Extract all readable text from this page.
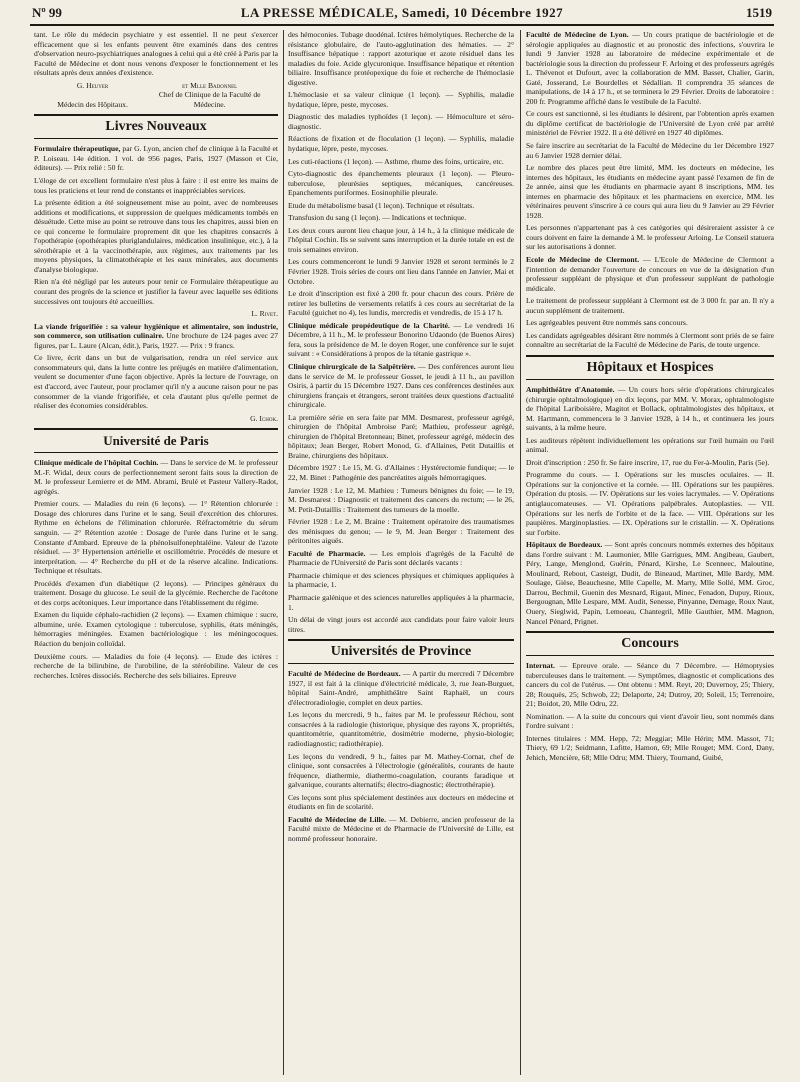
Nº 99	LA PRESSE MÉDICALE, Samedi, 10 Décembre 1927	1519

tant. Le rôle du médecin psychiatre y est essentiel. Il ne peut s'exercer efficacement que si les enfants peuvent être examinés dans des centres d'observation neuro-psychiatriques analogues à celui qui a été créé à Paris par la Faculté de Médecine et dont nous venons d'exposer le fonctionnement et les résultats après deux années d'existence.

G. Heuyer	et Mlle Badonnel
Médecin des Hôpitaux.Chef de Clinique de la Faculté de Médecine.
Livres Nouveaux

Formulaire thérapeutique, par G. Lyon, ancien chef de clinique à la Faculté et P. Loiseau. 14e édition. 1 vol. de 956 pages, Paris, 1927 (Masson et Cie, éditeurs). — Prix relié : 50 fr.

L'éloge de cet excellent formulaire n'est plus à faire : il est entre les mains de tous les praticiens et leur rend de constants et inappréciables services.

La présente édition a été soigneusement mise au point, avec de nombreuses additions et modifications, et suppression de quelques médicaments tombés en désuétude. Cette mise au point se retrouve dans tous les chapitres, aussi bien en ce qui concerne le formulaire proprement dit que les chapitres consacrés à l'opothérapie (opothérapies pluriglandulaires, médication insulinique, etc.), à la sérothérapie et à la vaccinothérapie, aux régimes, aux traitements par les moyens physiques, la climatothérapie et les eaux minérales, aux documents d'analyse biologique.

Rien n'a été négligé par les auteurs pour tenir ce Formulaire thérapeutique au courant des progrès de la science et justifier la faveur avec laquelle ses éditions successives ont toujours été accueillies.

L. Rivet.

La viande frigorifiée : sa valeur hygiénique et alimentaire, son industrie, son commerce, son utilisation culinaire. Une brochure de 124 pages avec 27 figures, par L. Laure (Alcan, édit.), Paris, 1927. — Prix : 9 francs.

Ce livre, écrit dans un but de vulgarisation, rendra un réel service aux consommateurs qui, dans la lutte contre les préjugés en matière d'alimentation, veulent se documenter d'une façon objective. Après la lecture de l'ouvrage, on est d'accord, avec l'auteur, pour proclamer qu'il n'y a aucune raison pour ne pas consommer de la viande frigorifiée, et cela d'autant plus qu'elle permet de réaliser des économies considérables.

G. Ichok.

Université de Paris

Clinique médicale de l'hôpital Cochin. — Dans le service de M. le professeur M.-F. Widal, deux cours de perfectionnement seront faits sous la direction de M. le professeur Lemierre et de MM. Abrami, Brulé et Pasteur Vallery-Radot, agrégés.

Premier cours. — Maladies du rein (6 leçons). — 1° Rétention chlorurée : Dosage des chlorures dans l'urine et le sang. Seuil d'excrétion des chlorures. Rythme en échelons de l'élimination chlorurée. Réfractométrie du sérum sanguin. — 2° Rétention azotée : Dosage de l'urée dans l'urine et le sang. Constante d'Ambard. Epreuve de la phénolsulfonephtaléine. Valeur de l'azote résiduel. — 3° Hypertension artérielle et oscillométrie. Procédés de mesure et interprétation. — 4° Recherche du pH et de la réserve alcaline. Indications. Technique et résultats.

Procédés d'examen d'un diabétique (2 leçons). — Principes généraux du traitement. Dosage du glucose. Le seuil de la glycémie. Recherche de l'acétone et des corps acétoniques. Leur importance dans l'établissement du régime.

Examen du liquide céphalo-rachidien (2 leçons). — Examen chimique : sucre, albumine, urée. Examen cytologique : tuberculose, syphilis, états méningés, hémorragies méningées. Examen bactériologique : les méningocoques. Réaction du benjoin colloïdal.

Deuxième cours. — Maladies du foie (4 leçons). — Etude des ictères : recherche de la bilirubine, de l'urobiline, de la stéréobiline. Valeur de ces recherches. Ictères dissociés. Recherche des sels biliaires. Epreuve

des hémoconies. Tubage duodénal. Ictères hémolytiques. Recherche de la résistance globulaire, de l'auto-agglutination des hématies. — 2° Insuffisance hépatique : rapport azoturique et azote résiduel dans les maladies du foie. Acide glycuronique. Insuffisance hépatique et rétention biliaire. Insuffisance protéopexique du foie et recherche de l'hémoclasie digestive.

L'hémoclasie et sa valeur clinique (1 leçon). — Syphilis, maladie hydatique, lèpre, peste, mycoses.

Diagnostic des maladies typhoïdes (1 leçon). — Hémoculture et séro-diagnostic.

Réactions de fixation et de floculation (1 leçon). — Syphilis, maladie hydatique, lèpre, peste, mycoses.

Les cuti-réactions (1 leçon). — Asthme, rhume des foins, urticaire, etc.

Cyto-diagnostic des épanchements pleuraux (1 leçon). — Pleuro-tuberculose, pleurésies septiques, mécaniques, cancéreuses. Epanchements puriformes. Eosinophilie pleurale.

Etude du métabolisme basal (1 leçon). Technique et résultats.

Transfusion du sang (1 leçon). — Indications et technique.

Les deux cours auront lieu chaque jour, à 14 h., à la clinique médicale de l'hôpital Cochin. Ils se suivent sans interruption et la durée totale en est de trois semaines environ.

Les cours commenceront le lundi 9 Janvier 1928 et seront terminés le 2 Février 1928. Trois séries de cours ont lieu dans l'année en Janvier, Mai et Octobre.

Le droit d'inscription est fixé à 200 fr. pour chacun des cours. Prière de retirer les bulletins de versements relatifs à ces cours au secrétariat de la Faculté (guichet no 4), les lundis, mercredis et vendredis, de 15 à 17 h.

Clinique médicale propédeutique de la Charité. — Le vendredi 16 Décembre, à 11 h., M. le professeur Bonorino Udaondo (de Buenos Aires) fera, sous la présidence de M. le doyen Roger, une conférence sur le sujet suivant : « Considérations à propos de la tétanie gastrique ».

Clinique chirurgicale de la Salpêtrière. — Des conférences auront lieu dans le service de M. le professeur Gosset, le jeudi à 11 h., au pavillon Osiris, à partir du 15 Décembre 1927. Dans ces conférences destinées aux chirurgiens français et étrangers, seront traitées deux questions d'actualité chirurgicale.

La première série en sera faite par MM. Desmarest, professeur agrégé, chirurgien de l'hôpital Ambroise Paré; Mathieu, professeur agrégé, chirurgien de l'hôpital Bretonneau; Binet, professeur agrégé, médecin des hôpitaux; Jean Berger, Robert Monod, G. d'Allaines, Petit Dutaillis et Braine, chirurgiens des hôpitaux.

Décembre 1927 : Le 15, M. G. d'Allaines : Hystérectomie fundique; — le 22, M. Binet : Pathogénie des pancréatites aiguës hémorragiques.

Janvier 1928 : Le 12, M. Mathieu : Tumeurs bénignes du foie; — le 19, M. Desmarest : Diagnostic et traitement des cancers du rectum; — le 26, M. Petit-Dutaillis : Traitement des tumeurs de la moelle.

Février 1928 : Le 2, M. Braine : Traitement opératoire des traumatismes des ménisques du genou; — le 9, M. Jean Berger : Traitement des péritonites aiguës.

Faculté de Pharmacie. — Les emplois d'agrégés de la Faculté de Pharmacie de l'Université de Paris sont déclarés vacants :

Pharmacie chimique et des sciences physiques et chimiques appliquées à la pharmacie, 1.

Pharmacie galénique et des sciences naturelles appliquées à la pharmacie, 1.

Un délai de vingt jours est accordé aux candidats pour faire valoir leurs titres.

Universités de Province

Faculté de Médecine de Bordeaux. — A partir du mercredi 7 Décembre 1927, il est fait à la clinique d'électricité médicale, 3, rue Jean-Burguet, hôpital Saint-André, amphithéâtre Saint Raphaël, un cours d'électroradiologie, complet en deux parties.

Les leçons du mercredi, 9 h., faites par M. le professeur Réchou, sont consacrées à la radiologie (historique, physique des rayons X, propriétés, quantitométrie, quantitométrie, dosimétrie moderne, physio-biologie; radiodiagnostic; radiothérapie).

Les leçons du vendredi, 9 h., faites par M. Mathey-Cornat, chef de clinique, sont consacrées à l'électrologie (généralités, courants de haute fréquence, diathermie, diathermo-coagulation, courants faradique et galvanique, courants alternatifs; électro-diagnostic; électrothérapie).

Ces leçons sont plus spécialement destinées aux docteurs en médecine et étudiants en fin de scolarité.

Faculté de Médecine de Lille. — M. Debierre, ancien professeur de la Faculté mixte de Médecine et de Pharmacie de l'Université de Lille, est nommé professeur honoraire.

Faculté de Médecine de Lyon. — Un cours pratique de bactériologie et de sérologie appliquées au diagnostic et au pronostic des infections, s'ouvrira le lundi 9 Janvier 1928 au laboratoire de médecine expérimentale et de bactériologie sous la direction du professeur F. Arloing et des professeurs agrégés L. Thévenot et Dufourt, avec la collaboration de MM. Basset, Chalier, Garin, Gaté, Josserand, Le Bourdelles et Sédallian. Il comprendra 35 séances de manipulations, de 14 à 17 h., et se terminera le 29 Février. Droits de laboratoire : 200 fr. Programme affiché dans le vestibule de la Faculté.

Ce cours est sanctionné, si les étudiants le désirent, par l'obtention après examen du diplôme certificat de bactériologie de l'Université de Lyon créé par arrêté ministériel de Février 1922. Il a été délivré en 1927 40 diplômes.

Se faire inscrire au secrétariat de la Faculté de Médecine du 1er Décembre 1927 au 6 Janvier 1928 dernier délai.

Le nombre des places peut être limité, MM. les docteurs en médecine, les internes des hôpitaux, les étudiants en médecine ayant passé l'examen de fin de 2e année, ainsi que les étudiants en pharmacie ayant 8 inscriptions, MM. les internes en pharmacie des hôpitaux et les pharmaciens en exercice, MM. les vétérinaires peuvent s'inscrire à ce cours qui aura lieu du 9 Janvier au 29 Février 1928.

Les personnes n'appartenant pas à ces catégories qui désireraient assister à ce cours doivent en faire la demande à M. le professeur Arloing. Le Conseil statuera sur les autorisations à donner.

Ecole de Médecine de Clermont. — L'Ecole de Médecine de Clermont a l'intention de demander l'ouverture de concours en vue de la désignation d'un professeur suppléant de physique et d'un professeur suppléant de pathologie médicale.

Le traitement de professeur suppléant à Clermont est de 3 000 fr. par an. Il n'y a aucun supplément de traitement.

Les agrégeables peuvent être nommés sans concours.

Les candidats agrégeables désirant être nommés à Clermont sont priés de se faire connaître au secrétariat de la Faculté de Médecine de Paris, de toute urgence.

Hôpitaux et Hospices

Amphithéâtre d'Anatomie. — Un cours hors série d'opérations chirurgicales (chirurgie ophtalmologique) en dix leçons, par MM. V. Morax, ophtalmologiste de l'hôpital Lariboisière, Magitot et Bollack, ophtalmologistes des hôpitaux, et M. Hartmann, commencera le 3 Janvier 1928, à 14 h., et continuera les jours suivants, à la même heure.

Les auditeurs répètent individuellement les opérations sur l'œil humain ou l'œil animal.

Droit d'inscription : 250 fr. Se faire inscrire, 17, rue du Fer-à-Moulin, Paris (5e).

Programme du cours. — I. Opérations sur les muscles oculaires. — II. Opérations sur la conjonctive et la cornée. — III. Opérations sur les paupières. Opération du ptosis. — IV. Opérations sur les voies lacrymales. — V. Opérations antiglaucomateuses. — VI. Opérations palpébrales. Autoplasties. — VII. Opérations sur les nerfs de l'orbite et de la face. — VIII. Opérations sur les paupières. Marginoplasties. — IX. Opérations sur le cristallin. — X. Opérations sur l'orbite.

Hôpitaux de Bordeaux. — Sont après concours nommés externes des hôpitaux dans l'ordre suivant : M. Laumonier, Mlle Garrigues, MM. Angibeau, Gaubert, Péry, Lange, Menglond, Guérin, Pénard, Kirshe, Le Scenneec, Maloutine, Moulinard, Rebout, Casteigt, Dudit, de Bineaud, Martinet, Mlle Bardy, MM. Soulage, Gièse, Beauchesne, Mlle Capelle, M. Marty, Mlle Sollé, MM. Groc, Darrou, Bechmil, Guenin des Mesnard, Rigaut, Minec, Fenadon, Dupuy, Rioux, Bergougnan, Mlle Lespare, MM. Audit, Senesse, Pinyanne, Demage, Roux Naut, Ouery, Sieglwid, Papin, Lemoeau, Chantegril, Mlle Gauthier, MM. Magnon, Nancel Pénard, Prignet.

Concours

Internat. — Epreuve orale. — Séance du 7 Décembre. — Hémoptysies tuberculeuses dans le traitement. — Symptômes, diagnostic et complications des cancers du col de l'utérus. — Ont obtenu : MM. Reyt, 20; Duvernoy, 25; Thiery, 28; Rouquès, 25; Schwob, 22; Delaporte, 24; Dutroy, 20; Soleil, 15; Terrenoire, 21; Boidot, 20, Mlle Odru, 22.

Nomination. — A la suite du concours qui vient d'avoir lieu, sont nommés dans l'ordre suivant :

Internes titulaires : MM. Hepp, 72; Meggiar; Mlle Hérin; MM. Massot, 71; Thiery, 69 1/2; Seidmann, Lafitte, Hamon, 69; Mlle Rouget; MM. Cord, Dany, Jehich, Mencière, 68; Mlle Odru; MM. Thiery, Tournand, Guibé,
